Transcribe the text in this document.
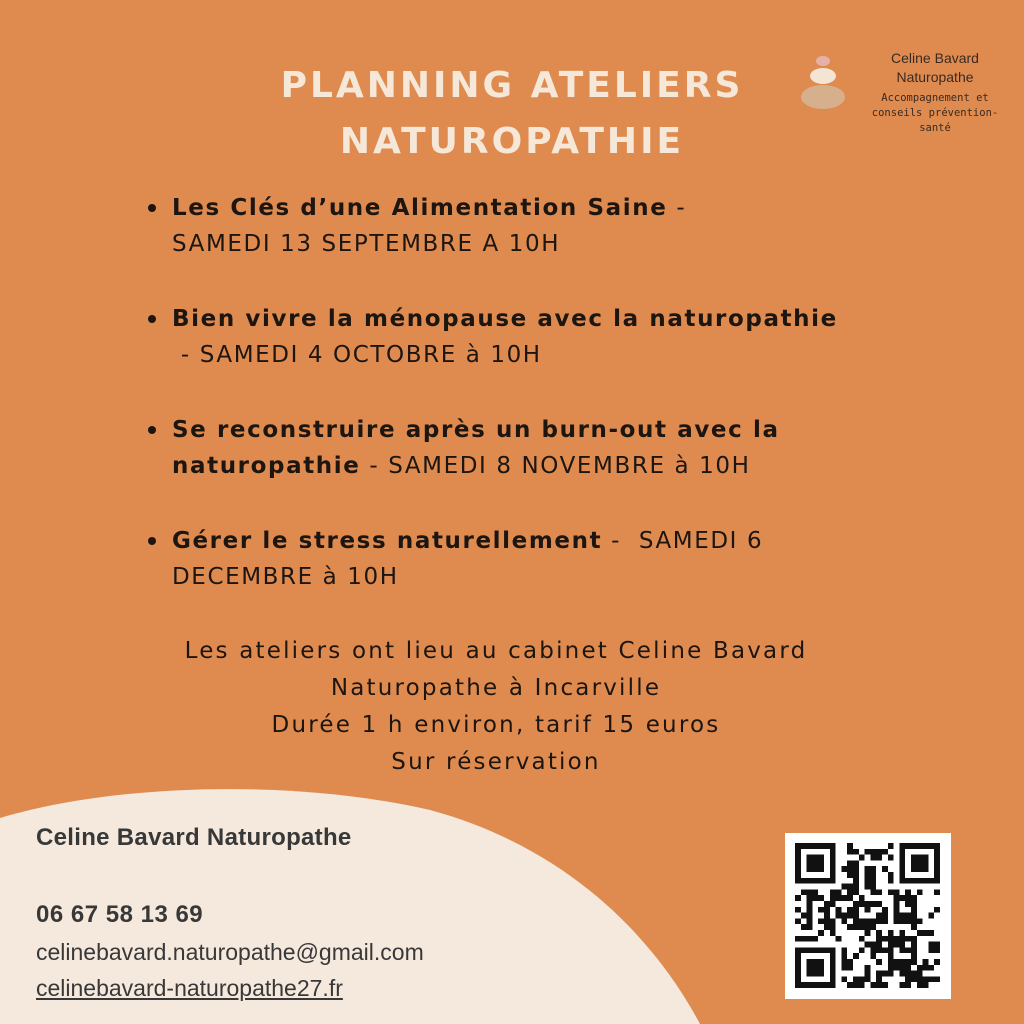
PLANNING ATELIERS
NATUROPATHIE
Celine Bavard
Naturopathe
Accompagnement et
conseils prévention-
santé
Les Clés d’une Alimentation Saine -
SAMEDI 13 SEPTEMBRE A 10H
Bien vivre la ménopause avec la naturopathie - SAMEDI 4 OCTOBRE à 10H
Se reconstruire après un burn-out avec la naturopathie - SAMEDI 8 NOVEMBRE à 10H
Gérer le stress naturellement -  SAMEDI 6 DECEMBRE à 10H
Les ateliers ont lieu au cabinet Celine Bavard
Naturopathe à Incarville
Durée 1 h environ, tarif 15 euros
Sur réservation
Celine Bavard Naturopathe
06 67 58 13 69
celinebavard.naturopathe@gmail.com
celinebavard-naturopathe27.fr
